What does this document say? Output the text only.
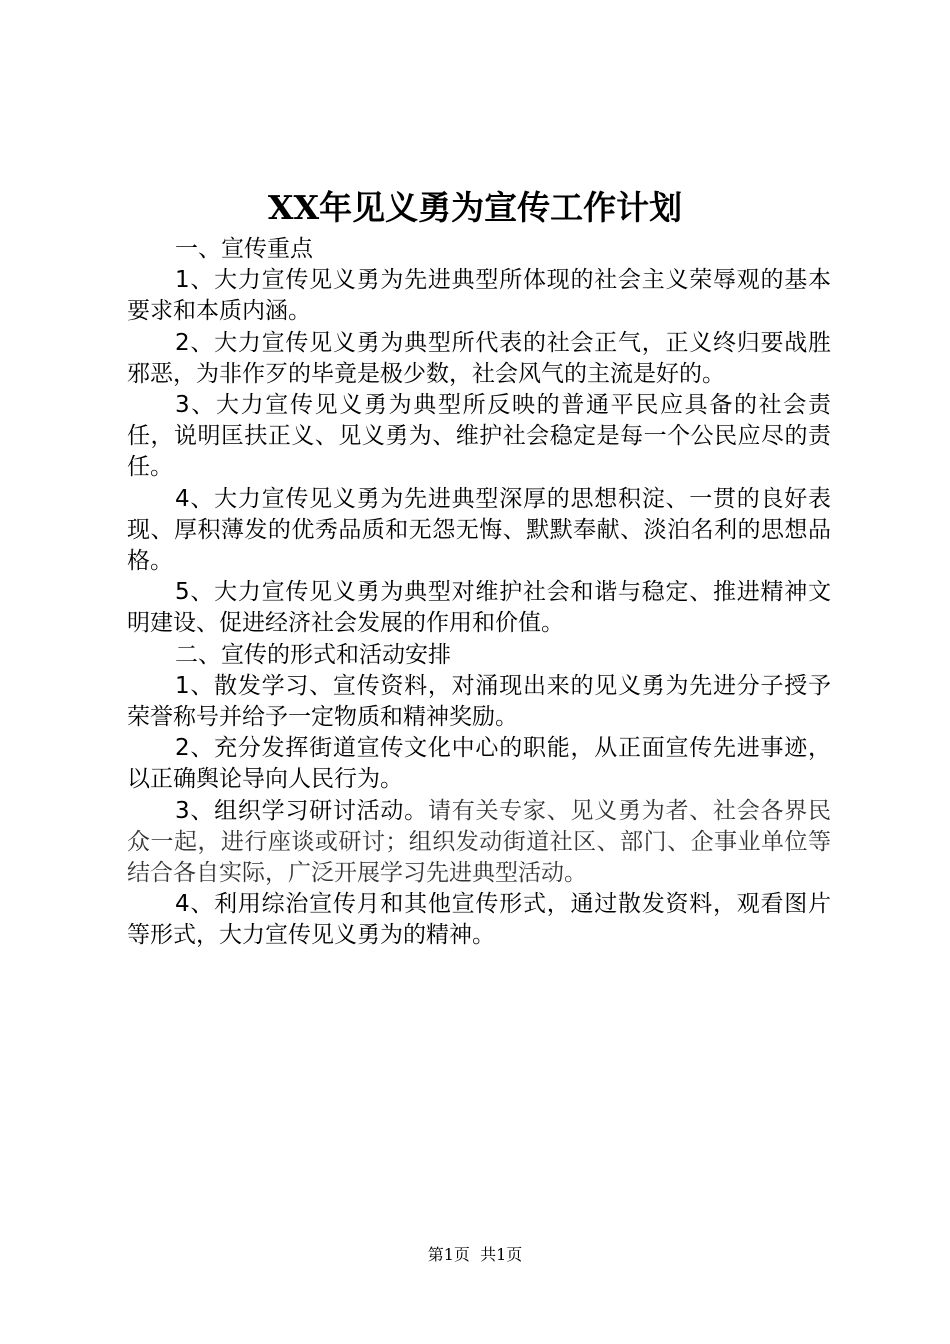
XX年见义勇为宣传工作计划

一、宣传重点

1、大力宣传见义勇为先进典型所体现的社会主义荣辱观的基本要求和本质内涵。

2、大力宣传见义勇为典型所代表的社会正气，正义终归要战胜邪恶，为非作歹的毕竟是极少数，社会风气的主流是好的。

3、大力宣传见义勇为典型所反映的普通平民应具备的社会责任，说明匡扶正义、见义勇为、维护社会稳定是每一个公民应尽的责任。

4、大力宣传见义勇为先进典型深厚的思想积淀、一贯的良好表现、厚积薄发的优秀品质和无怨无悔、默默奉献、淡泊名利的思想品格。

5、大力宣传见义勇为典型对维护社会和谐与稳定、推进精神文明建设、促进经济社会发展的作用和价值。

二、宣传的形式和活动安排

1、散发学习、宣传资料，对涌现出来的见义勇为先进分子授予荣誉称号并给予一定物质和精神奖励。

2、充分发挥街道宣传文化中心的职能，从正面宣传先进事迹，以正确舆论导向人民行为。

3、组织学习研讨活动。请有关专家、见义勇为者、社会各界民众一起，进行座谈或研讨；组织发动街道社区、部门、企事业单位等结合各自实际，广泛开展学习先进典型活动。

4、利用综治宣传月和其他宣传形式，通过散发资料，观看图片等形式，大力宣传见义勇为的精神。

第1页 共1页
